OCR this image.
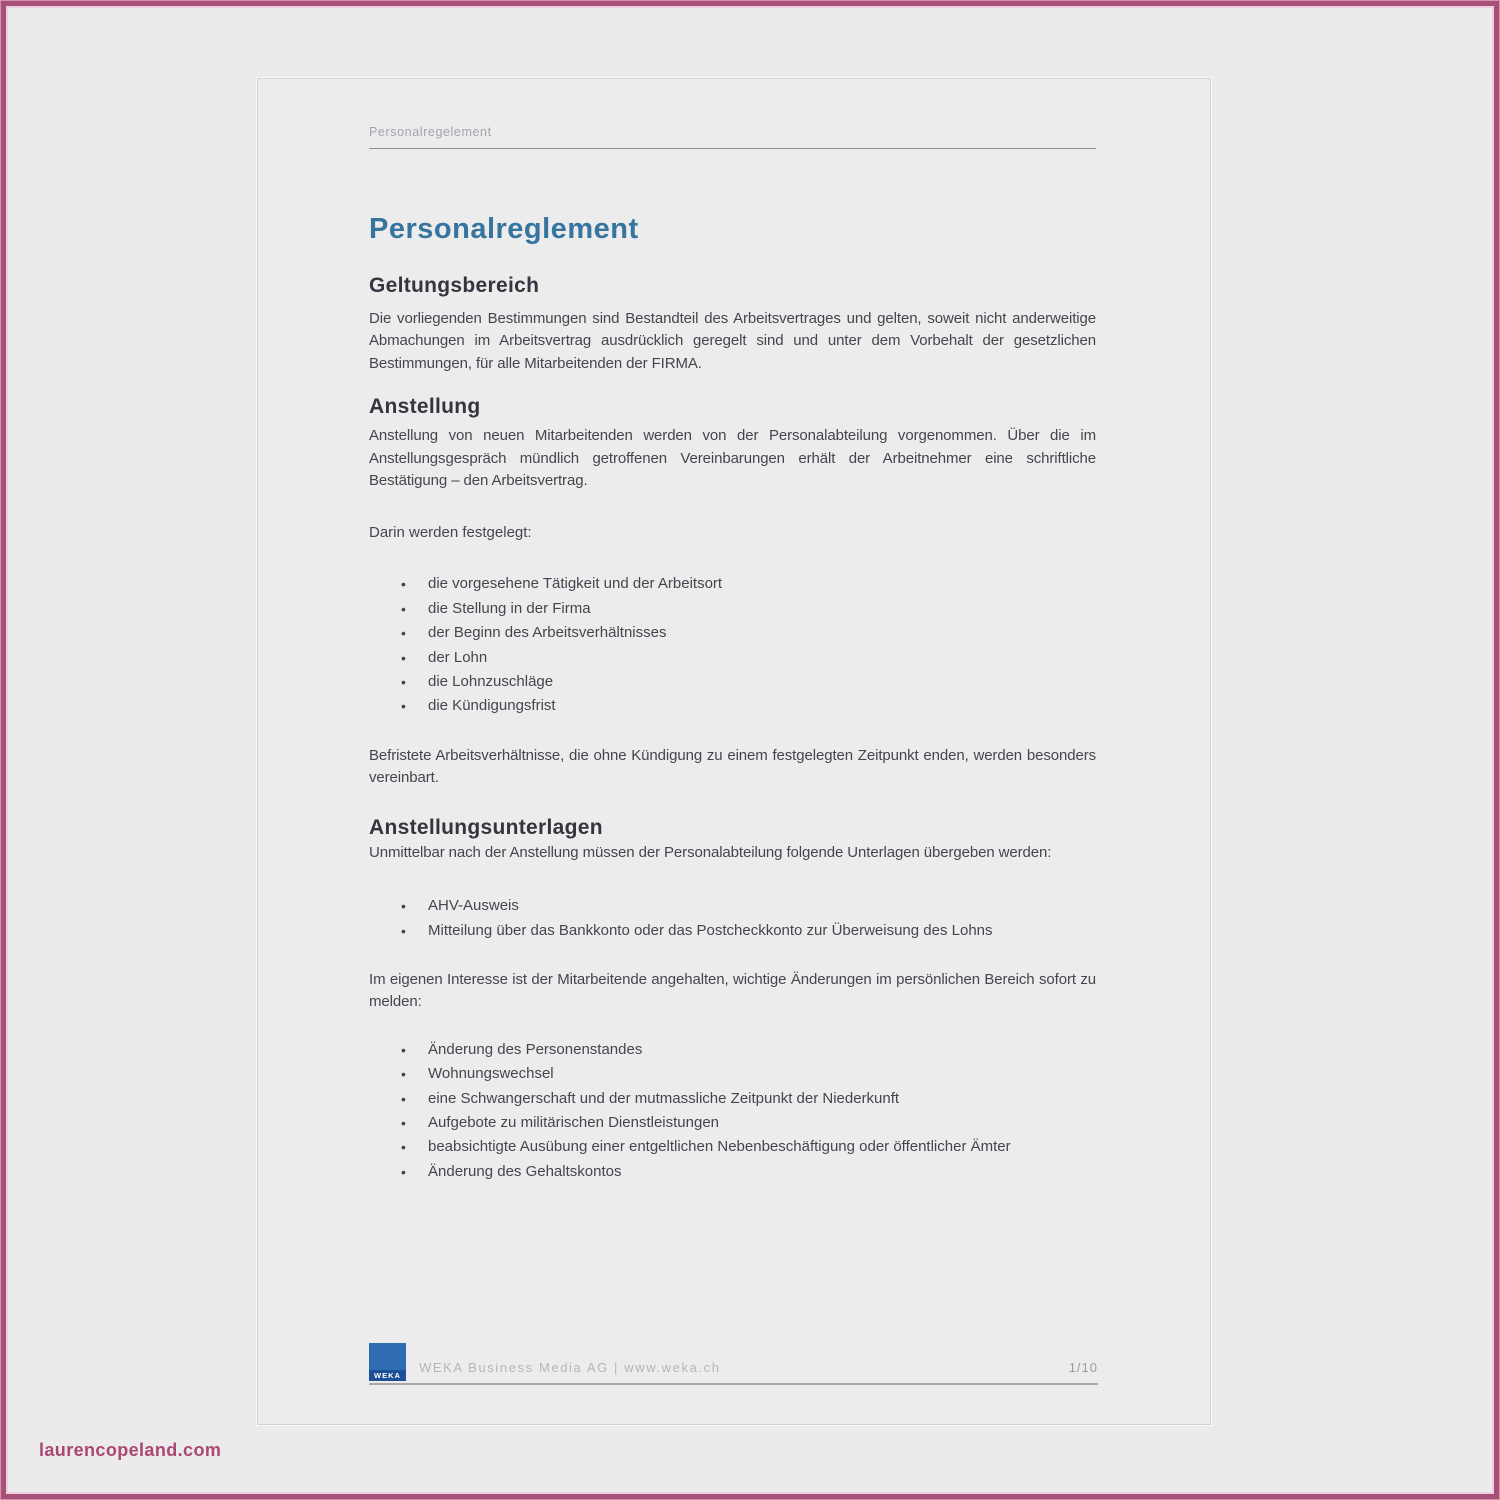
Personalregelement
Personalreglement
Geltungsbereich

Die vorliegenden Bestimmungen sind Bestandteil des Arbeitsvertrages und gelten, soweit nicht anderweitige Abmachungen im Arbeitsvertrag ausdrücklich geregelt sind und unter dem Vorbehalt der gesetzlichen Bestimmungen, für alle Mitarbeitenden der FIRMA.

Anstellung

Anstellung von neuen Mitarbeitenden werden von der Personalabteilung vorgenommen. Über die im Anstellungsgespräch mündlich getroffenen Vereinbarungen erhält der Arbeitnehmer eine schriftliche Bestätigung – den Arbeitsvertrag.

Darin werden festgelegt:

• die vorgesehene Tätigkeit und der Arbeitsort
• die Stellung in der Firma
• der Beginn des Arbeitsverhältnisses
• der Lohn
• die Lohnzuschläge
• die Kündigungsfrist

Befristete Arbeitsverhältnisse, die ohne Kündigung zu einem festgelegten Zeitpunkt enden, werden besonders vereinbart.

Anstellungsunterlagen

Unmittelbar nach der Anstellung müssen der Personalabteilung folgende Unterlagen übergeben werden:

• AHV-Ausweis
• Mitteilung über das Bankkonto oder das Postcheckkonto zur Überweisung des Lohns

Im eigenen Interesse ist der Mitarbeitende angehalten, wichtige Änderungen im persönlichen Bereich sofort zu melden:

• Änderung des Personenstandes
• Wohnungswechsel
• eine Schwangerschaft und der mutmassliche Zeitpunkt der Niederkunft
• Aufgebote zu militärischen Dienstleistungen
• beabsichtigte Ausübung einer entgeltlichen Nebenbeschäftigung oder öffentlicher Ämter
• Änderung des Gehaltskontos
WEKA
WEKA Business Media AG | www.weka.ch	1/10
laurencopeland.com
